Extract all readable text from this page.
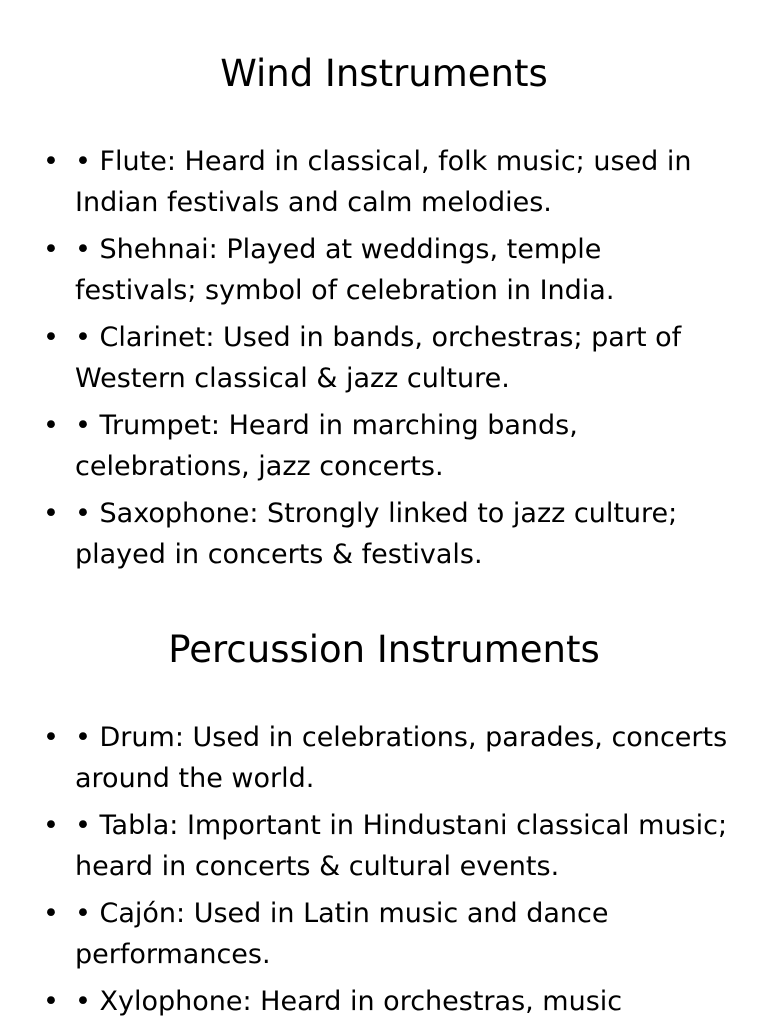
Wind Instruments
• • Flute: Heard in classical, folk music; used in Indian festivals and calm melodies.
• • Shehnai: Played at weddings, temple festivals; symbol of celebration in India.
• • Clarinet: Used in bands, orchestras; part of Western classical & jazz culture.
• • Trumpet: Heard in marching bands, celebrations, jazz concerts.
• • Saxophone: Strongly linked to jazz culture; played in concerts & festivals.
Percussion Instruments
• • Drum: Used in celebrations, parades, concerts around the world.
• • Tabla: Important in Hindustani classical music; heard in concerts & cultural events.
• • Cajón: Used in Latin music and dance performances.
• • Xylophone: Heard in orchestras, music
